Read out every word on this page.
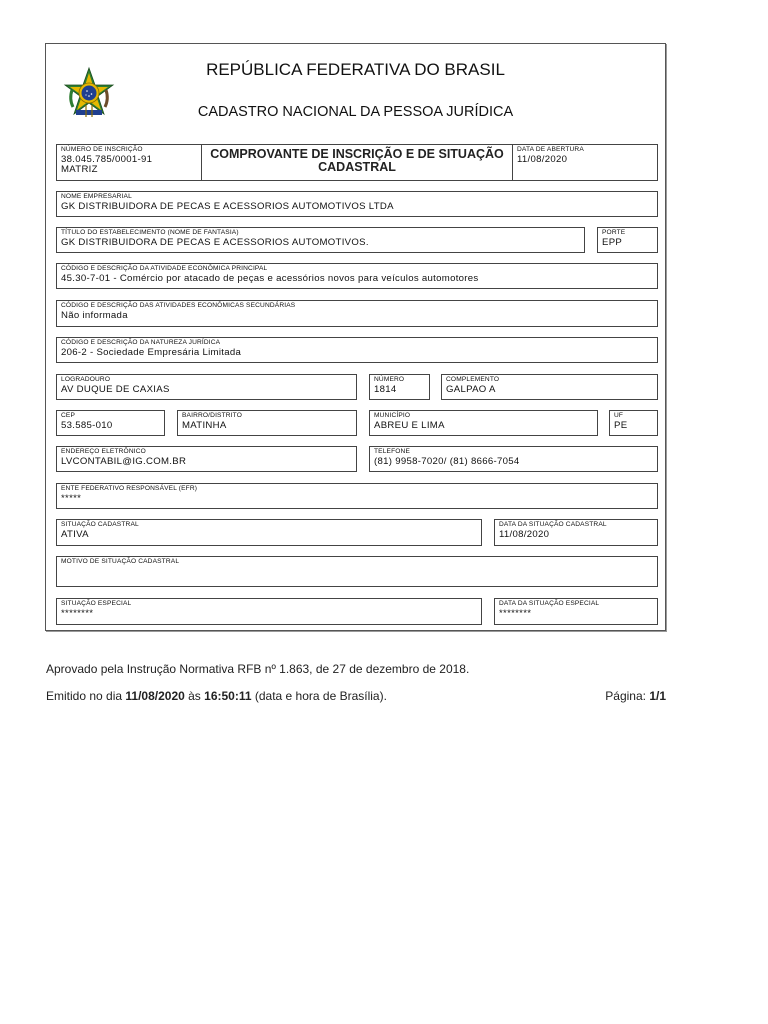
REPÚBLICA FEDERATIVA DO BRASIL
CADASTRO NACIONAL DA PESSOA JURÍDICA
NÚMERO DE INSCRIÇÃO
38.045.785/0001-91
MATRIZ
COMPROVANTE DE INSCRIÇÃO E DE SITUAÇÃO CADASTRAL
DATA DE ABERTURA
11/08/2020
NOME EMPRESARIAL
GK DISTRIBUIDORA DE PECAS E ACESSORIOS AUTOMOTIVOS LTDA
TÍTULO DO ESTABELECIMENTO (NOME DE FANTASIA)
GK DISTRIBUIDORA DE PECAS E ACESSORIOS AUTOMOTIVOS.
PORTE
EPP
CÓDIGO E DESCRIÇÃO DA ATIVIDADE ECONÔMICA PRINCIPAL
45.30-7-01 - Comércio por atacado de peças e acessórios novos para veículos automotores
CÓDIGO E DESCRIÇÃO DAS ATIVIDADES ECONÔMICAS SECUNDÁRIAS
Não informada
CÓDIGO E DESCRIÇÃO DA NATUREZA JURÍDICA
206-2 - Sociedade Empresária Limitada
LOGRADOURO
AV DUQUE DE CAXIAS
NÚMERO
1814
COMPLEMENTO
GALPAO A
CEP
53.585-010
BAIRRO/DISTRITO
MATINHA
MUNICÍPIO
ABREU E LIMA
UF
PE
ENDEREÇO ELETRÔNICO
LVCONTABIL@IG.COM.BR
TELEFONE
(81) 9958-7020/ (81) 8666-7054
ENTE FEDERATIVO RESPONSÁVEL (EFR)
*****
SITUAÇÃO CADASTRAL
ATIVA
DATA DA SITUAÇÃO CADASTRAL
11/08/2020
MOTIVO DE SITUAÇÃO CADASTRAL
SITUAÇÃO ESPECIAL
********
DATA DA SITUAÇÃO ESPECIAL
********
Aprovado pela Instrução Normativa RFB nº 1.863, de 27 de dezembro de 2018.
Emitido no dia 11/08/2020 às 16:50:11 (data e hora de Brasília).	Página: 1/1
